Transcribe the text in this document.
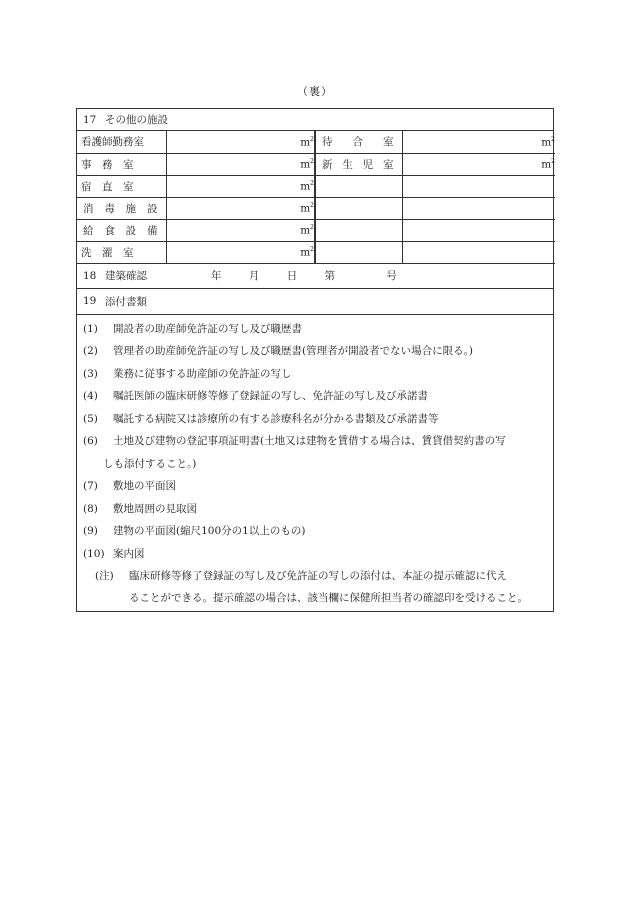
（裏）
17 その他の施設
看護師勤務室	$m^2$	待 合 室	$m^2$

事　務　室	$m^2$	新 生 児 室	$m^2$

宿　直　室	$m^2$		

消 毒 施 設	$m^2$		

給 食 設 備	$m^2$		

洗　濯　室	$m^2$		
18 建築確認	年	月	日	第	号
19 添付書類
(1)	開設者の助産師免許証の写し及び職歴書
(2)	管理者の助産師免許証の写し及び職歴書(管理者が開設者でない場合に限る。)
(3)	業務に従事する助産師の免許証の写し
(4)	嘱託医師の臨床研修等修了登録証の写し、免許証の写し及び承諾書
(5)	嘱託する病院又は診療所の有する診療科名が分かる書類及び承諾書等
(6)	土地及び建物の登記事項証明書(土地又は建物を賃借する場合は、賃貸借契約書の写
しも添付すること。)
(7)	敷地の平面図
(8)	敷地周囲の見取図
(9)	建物の平面図(縮尺100分の1以上のもの)
(10) 案内図
(注)	臨床研修等修了登録証の写し及び免許証の写しの添付は、本証の提示確認に代え
ることができる。提示確認の場合は、該当欄に保健所担当者の確認印を受けること。
